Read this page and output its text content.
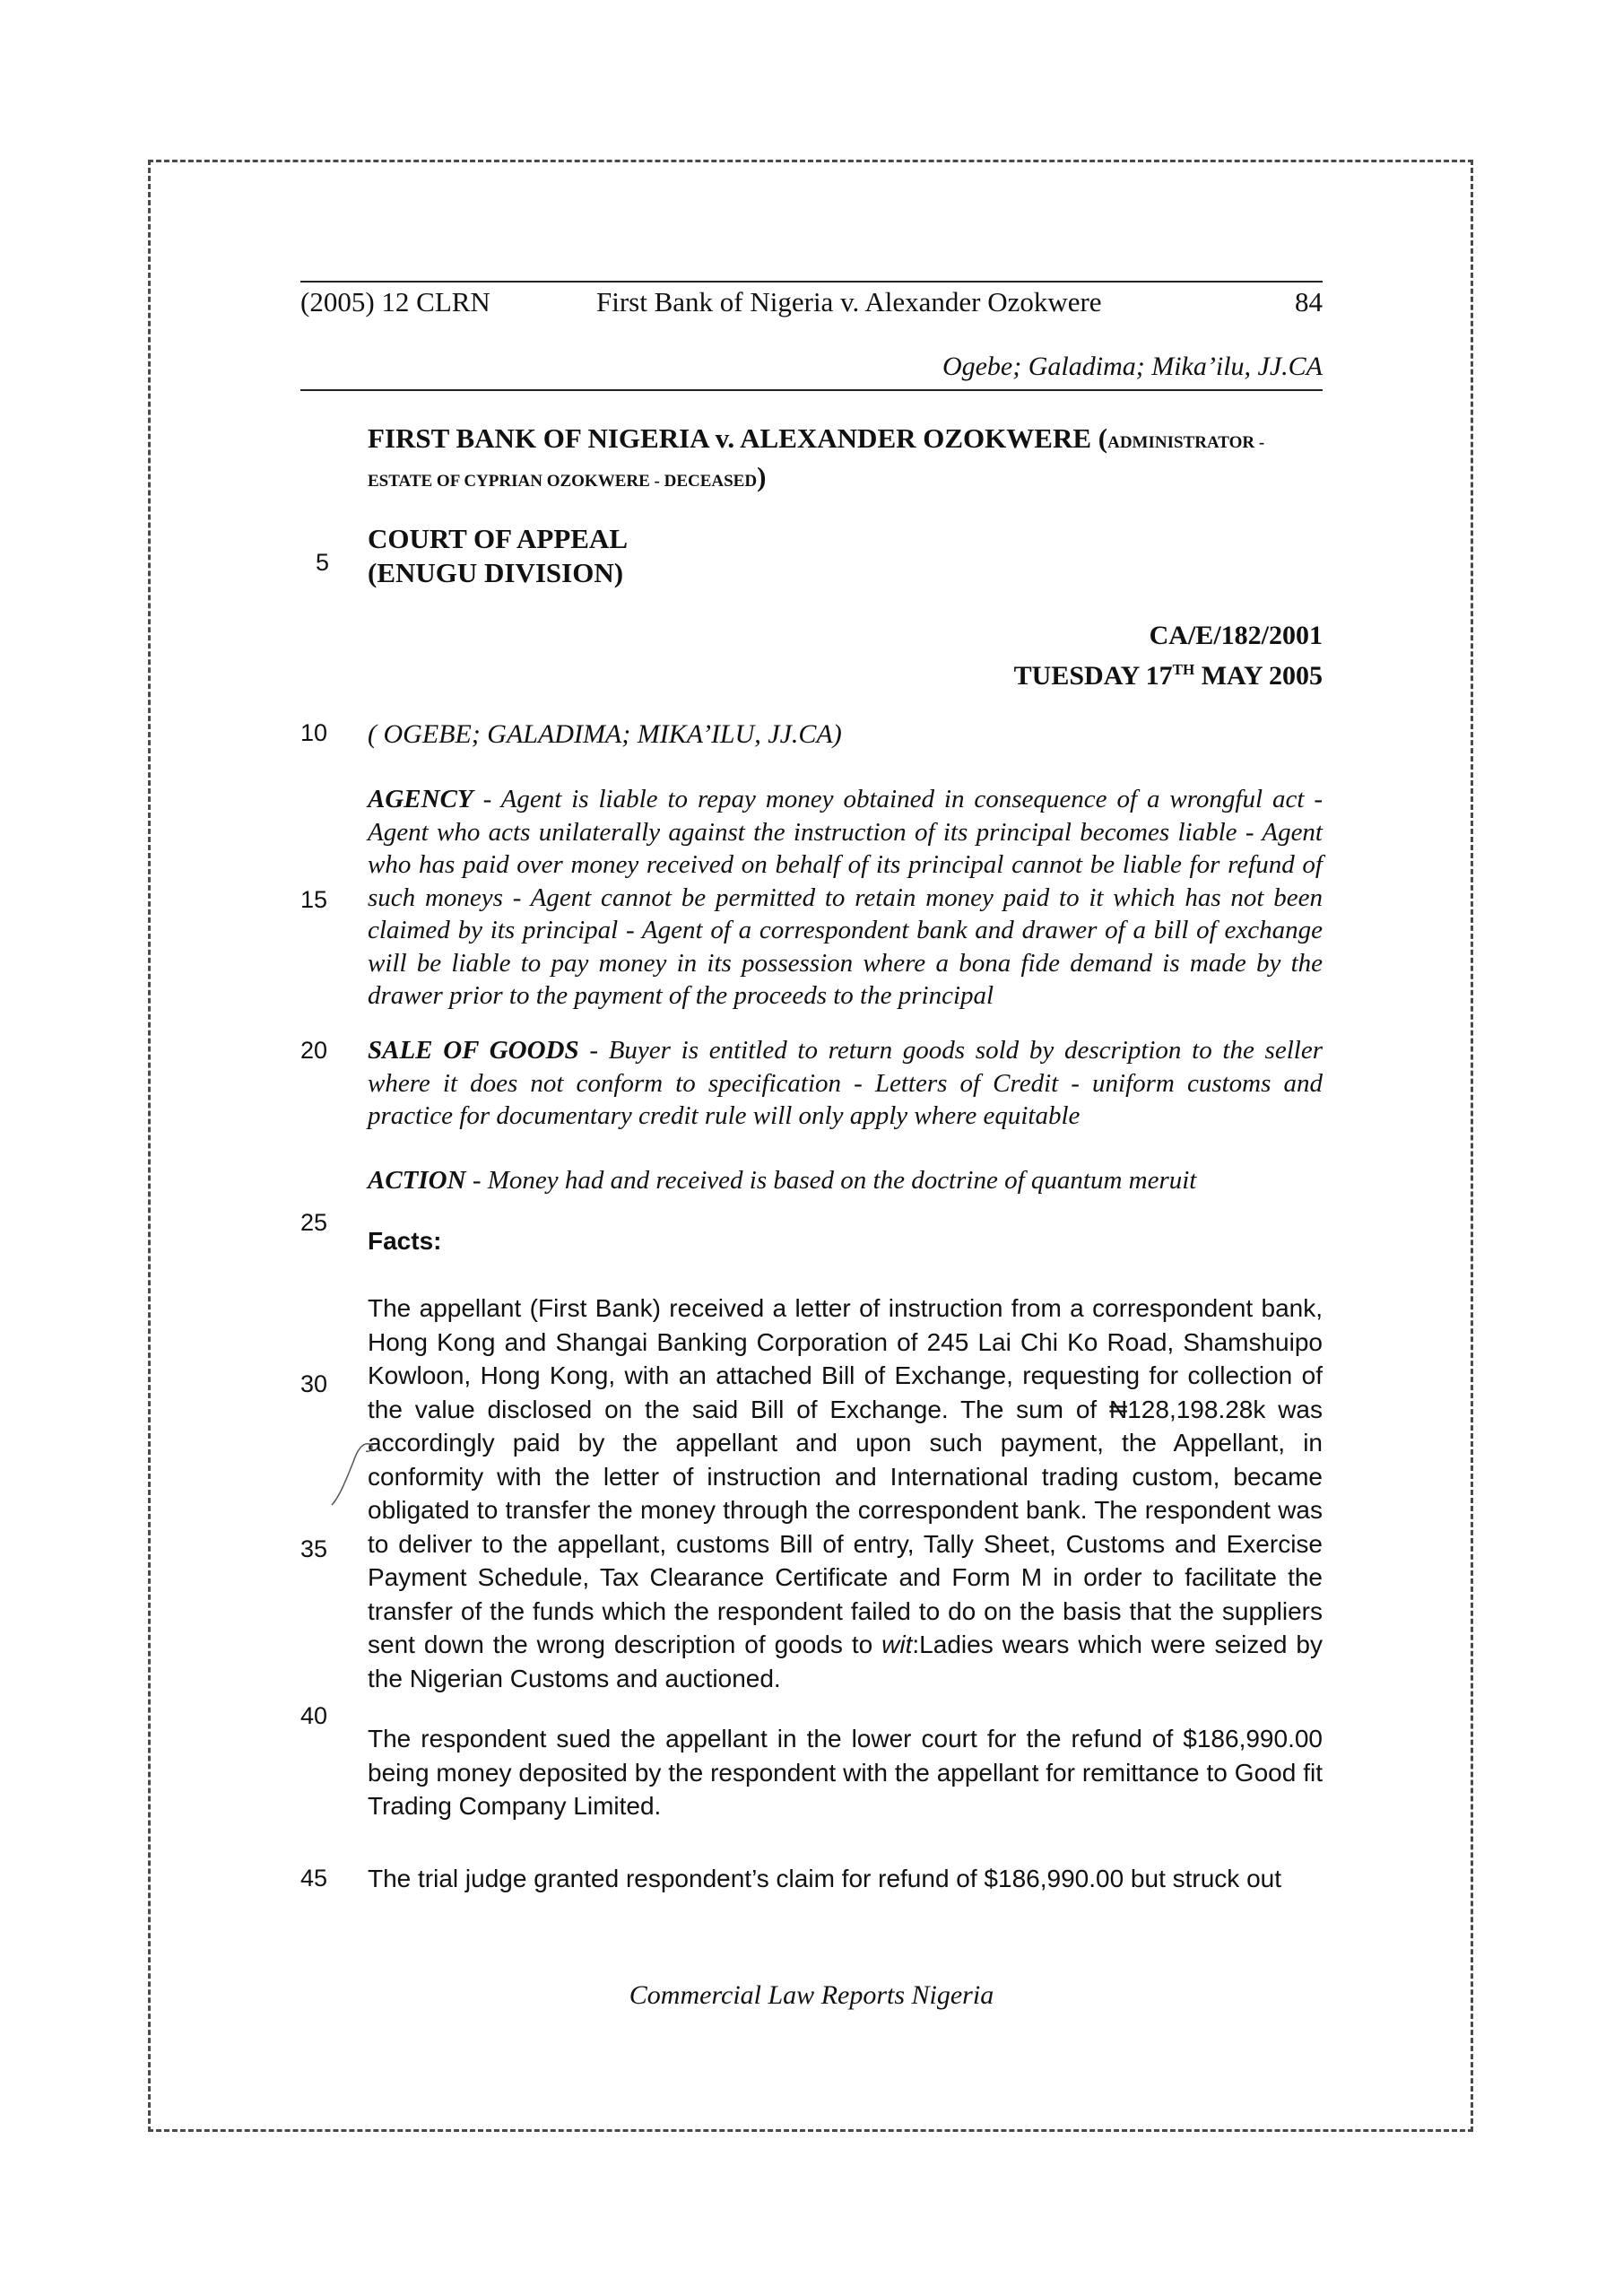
(2005) 12 CLRN	First Bank of Nigeria v. Alexander Ozokwere	84
Ogebe; Galadima; Mika’ilu, JJ.CA
FIRST BANK OF NIGERIA v. ALEXANDER OZOKWERE (ADMINISTRATOR -
ESTATE OF CYPRIAN OZOKWERE - DECEASED)
COURT OF APPEAL
(ENUGU DIVISION)
CA/E/182/2001
TUESDAY 17TH MAY 2005
( OGEBE; GALADIMA; MIKA’ILU, JJ.CA)
AGENCY - Agent is liable to repay money obtained in consequence of a wrongful act - Agent who acts unilaterally against the instruction of its principal becomes liable - Agent who has paid over money received on behalf of its principal cannot be liable for refund of such moneys - Agent cannot be permitted to retain money paid to it which has not been claimed by its principal - Agent of a correspondent bank and drawer of a bill of exchange will be liable to pay money in its possession where a bona fide demand is made by the drawer prior to the payment of the proceeds to the principal
SALE OF GOODS - Buyer is entitled to return goods sold by description to the seller where it does not conform to specification - Letters of Credit - uniform customs and practice for documentary credit rule will only apply where equitable
ACTION - Money had and received is based on the doctrine of quantum meruit
Facts:
The appellant (First Bank) received a letter of instruction from a correspondent bank, Hong Kong and Shangai Banking Corporation of 245 Lai Chi Ko Road, Shamshuipo Kowloon, Hong Kong, with an attached Bill of Exchange, requesting for collection of the value disclosed on the said Bill of Exchange. The sum of ₦128,198.28k was accordingly paid by the appellant and upon such payment, the Appellant, in conformity with the letter of instruction and International trading custom, became obligated to transfer the money through the correspondent bank. The respondent was to deliver to the appellant, customs Bill of entry, Tally Sheet, Customs and Exercise Payment Schedule, Tax Clearance Certificate and Form M in order to facilitate the transfer of the funds which the respondent failed to do on the basis that the suppliers sent down the wrong description of goods to wit:Ladies wears which were seized by the Nigerian Customs and auctioned.
The respondent sued the appellant in the lower court for the refund of $186,990.00 being money deposited by the respondent with the appellant for remittance to Good fit Trading Company Limited.
The trial judge granted respondent’s claim for refund of $186,990.00 but struck out
5
10
15
20
25
30
35
40
45
Commercial Law Reports Nigeria
